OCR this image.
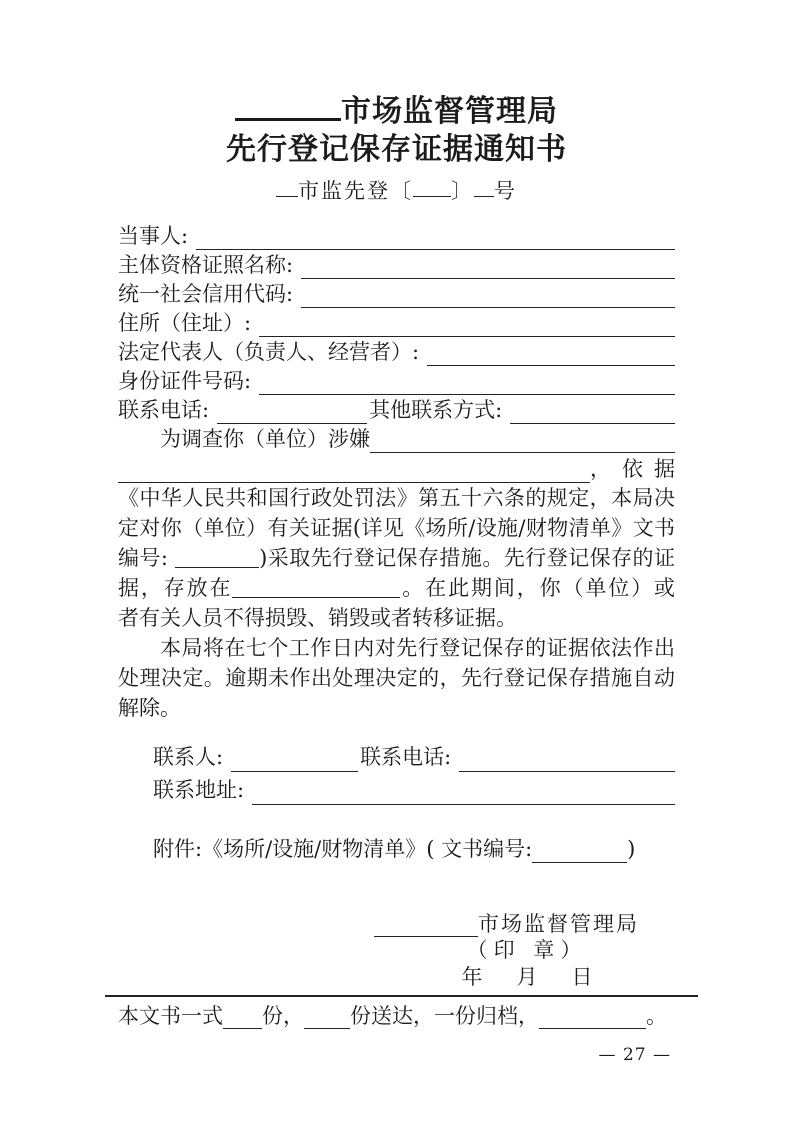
市场监督管理局
先行登记保存证据通知书
市监先登〔 〕 号
当事人:
主体资格证照名称:
统一社会信用代码:
住所（住址）:
法定代表人（负责人、经营者）:
身份证件号码:
联系电话:	其他联系方式:
为调查你（单位）涉嫌
，依据
《中华人民共和国行政处罚法》第五十六条的规定，本局决
定对你（单位）有关证据(详见《场所/设施/财物清单》文书
编号:	)采取先行登记保存措施。先行登记保存的证
据，存放在	。在此期间，你（单位）或
者有关人员不得损毁、销毁或者转移证据。
本局将在七个工作日内对先行登记保存的证据依法作出
处理决定。逾期未作出处理决定的，先行登记保存措施自动
解除。
联系人:	联系电话:
联系地址:
附件:《场所/设施/财物清单》( 文书编号:	)
市场监督管理局
（印 章）
年 月 日
本文书一式 份， 份送达，一份归档，	。
— 27 —
